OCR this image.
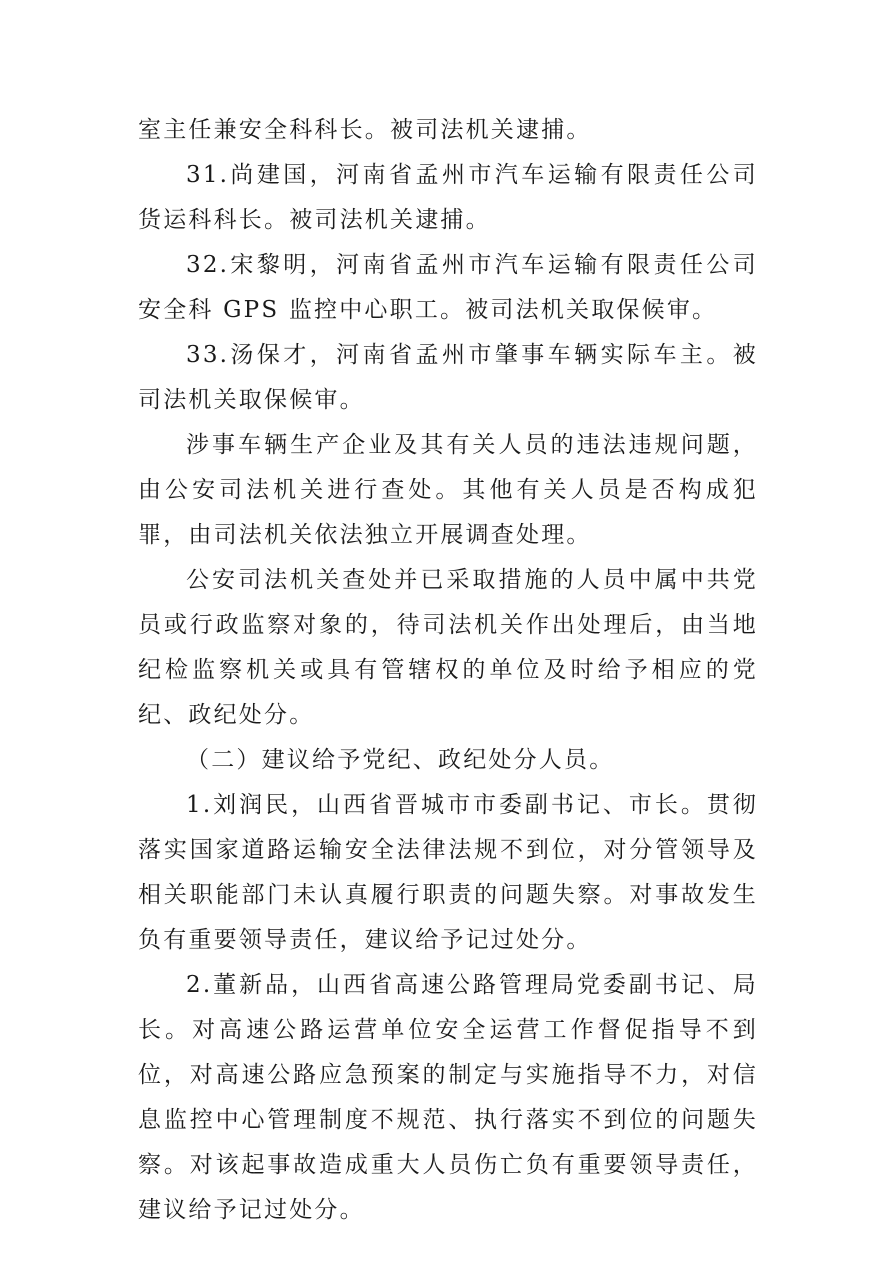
室主任兼安全科科长。被司法机关逮捕。

31.尚建国，河南省孟州市汽车运输有限责任公司货运科科长。被司法机关逮捕。

32.宋黎明，河南省孟州市汽车运输有限责任公司安全科 GPS 监控中心职工。被司法机关取保候审。

33.汤保才，河南省孟州市肇事车辆实际车主。被司法机关取保候审。

涉事车辆生产企业及其有关人员的违法违规问题，由公安司法机关进行查处。其他有关人员是否构成犯罪，由司法机关依法独立开展调查处理。

公安司法机关查处并已采取措施的人员中属中共党员或行政监察对象的，待司法机关作出处理后，由当地纪检监察机关或具有管辖权的单位及时给予相应的党纪、政纪处分。

（二）建议给予党纪、政纪处分人员。

1.刘润民，山西省晋城市市委副书记、市长。贯彻落实国家道路运输安全法律法规不到位，对分管领导及相关职能部门未认真履行职责的问题失察。对事故发生负有重要领导责任，建议给予记过处分。

2.董新品，山西省高速公路管理局党委副书记、局长。对高速公路运营单位安全运营工作督促指导不到位，对高速公路应急预案的制定与实施指导不力，对信息监控中心管理制度不规范、执行落实不到位的问题失察。对该起事故造成重大人员伤亡负有重要领导责任，建议给予记过处分。
